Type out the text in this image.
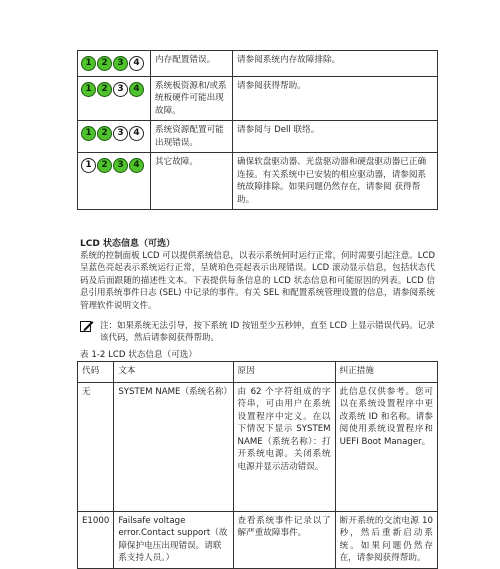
1 2 3 4	内存配置错误。	请参阅系统内存故障排除。

1 2 3 4	系统板资源和/或系统板硬件可能出现故障。	请参阅获得帮助。

1 2 3 4	系统资源配置可能出现错误。	请参阅与 Dell 联络。

1 2 3 4	其它故障。	确保软盘驱动器、光盘驱动器和硬盘驱动器已正确连接。有关系统中已安装的相应驱动器，请参阅系统故障排除。如果问题仍然存在，请参阅 获得帮助。
LCD 状态信息（可选）
系统的控制面板 LCD 可以提供系统信息，以表示系统何时运行正常，何时需要引起注意。LCD 呈蓝色亮起表示系统运行正常，呈琥珀色亮起表示出现错误。LCD 滚动显示信息，包括状态代码及后面跟随的描述性文本。下表提供每条信息的 LCD 状态信息和可能原因的列表。LCD 信息引用系统事件日志 (SEL) 中记录的事件。有关 SEL 和配置系统管理设置的信息，请参阅系统管理软件说明文件。
注：如果系统无法引导，按下系统 ID 按钮至少五秒钟，直至 LCD 上显示错误代码。记录该代码，然后请参阅获得帮助。
表 1-2 LCD 状态信息（可选）
代码	文本	原因	纠正措施
无	SYSTEM NAME（系统名称）	由 62 个字符组成的字符串，可由用户在系统设置程序中定义。在以下情况下显示 SYSTEM NAME（系统名称）：打开系统电源。关闭系统电源并显示活动错误。	此信息仅供参考。您可以在系统设置程序中更改系统 ID 和名称。请参阅使用系统设置程序和 UEFI Boot Manager。
E1000	Failsafe voltage error.Contact support（故障保护电压出现错误。请联系支持人员。）	查看系统事件记录以了解严重故障事件。	断开系统的交流电源 10 秒，然后重新启动系统。如果问题仍然存在，请参阅获得帮助。
